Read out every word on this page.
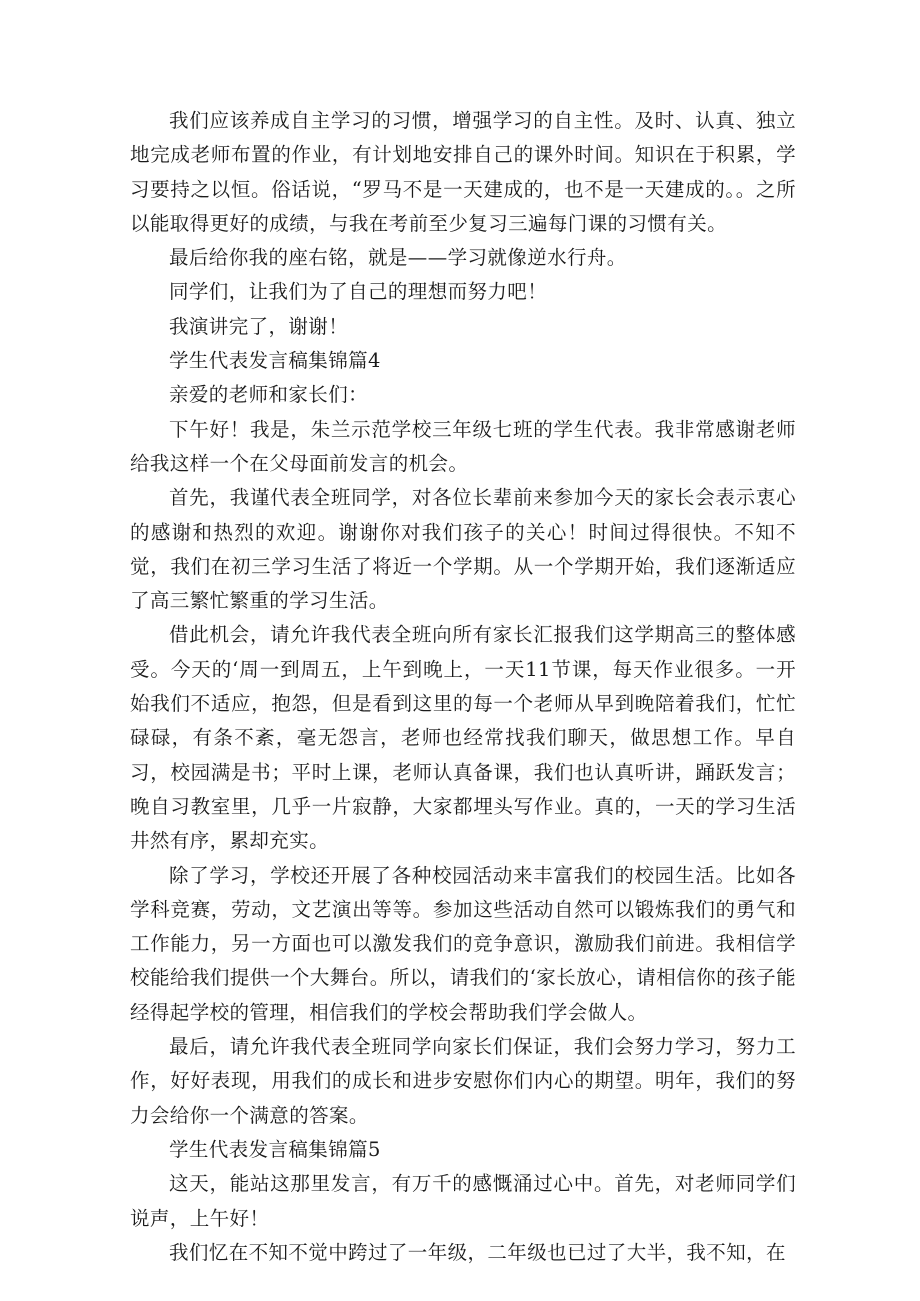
我们应该养成自主学习的习惯，增强学习的自主性。及时、认真、独立地完成老师布置的作业，有计划地安排自己的课外时间。知识在于积累，学习要持之以恒。俗话说，“罗马不是一天建成的，也不是一天建成的。。之所以能取得更好的成绩，与我在考前至少复习三遍每门课的习惯有关。

最后给你我的座右铭，就是——学习就像逆水行舟。

同学们，让我们为了自己的理想而努力吧！

我演讲完了，谢谢！

学生代表发言稿集锦篇4

亲爱的老师和家长们：

下午好！我是，朱兰示范学校三年级七班的学生代表。我非常感谢老师给我这样一个在父母面前发言的机会。

首先，我谨代表全班同学，对各位长辈前来参加今天的家长会表示衷心的感谢和热烈的欢迎。谢谢你对我们孩子的关心！时间过得很快。不知不觉，我们在初三学习生活了将近一个学期。从一个学期开始，我们逐渐适应了高三繁忙繁重的学习生活。

借此机会，请允许我代表全班向所有家长汇报我们这学期高三的整体感受。今天的‘周一到周五，上午到晚上，一天11节课，每天作业很多。一开始我们不适应，抱怨，但是看到这里的每一个老师从早到晚陪着我们，忙忙碌碌，有条不紊，毫无怨言，老师也经常找我们聊天，做思想工作。早自习，校园满是书；平时上课，老师认真备课，我们也认真听讲，踊跃发言；晚自习教室里，几乎一片寂静，大家都埋头写作业。真的，一天的学习生活井然有序，累却充实。

除了学习，学校还开展了各种校园活动来丰富我们的校园生活。比如各学科竞赛，劳动，文艺演出等等。参加这些活动自然可以锻炼我们的勇气和工作能力，另一方面也可以激发我们的竞争意识，激励我们前进。我相信学校能给我们提供一个大舞台。所以，请我们的‘家长放心，请相信你的孩子能经得起学校的管理，相信我们的学校会帮助我们学会做人。

最后，请允许我代表全班同学向家长们保证，我们会努力学习，努力工作，好好表现，用我们的成长和进步安慰你们内心的期望。明年，我们的努力会给你一个满意的答案。

学生代表发言稿集锦篇5

这天，能站这那里发言，有万千的感慨涌过心中。首先，对老师同学们说声，上午好！

我们忆在不知不觉中跨过了一年级，二年级也已过了大半，我不知，在
